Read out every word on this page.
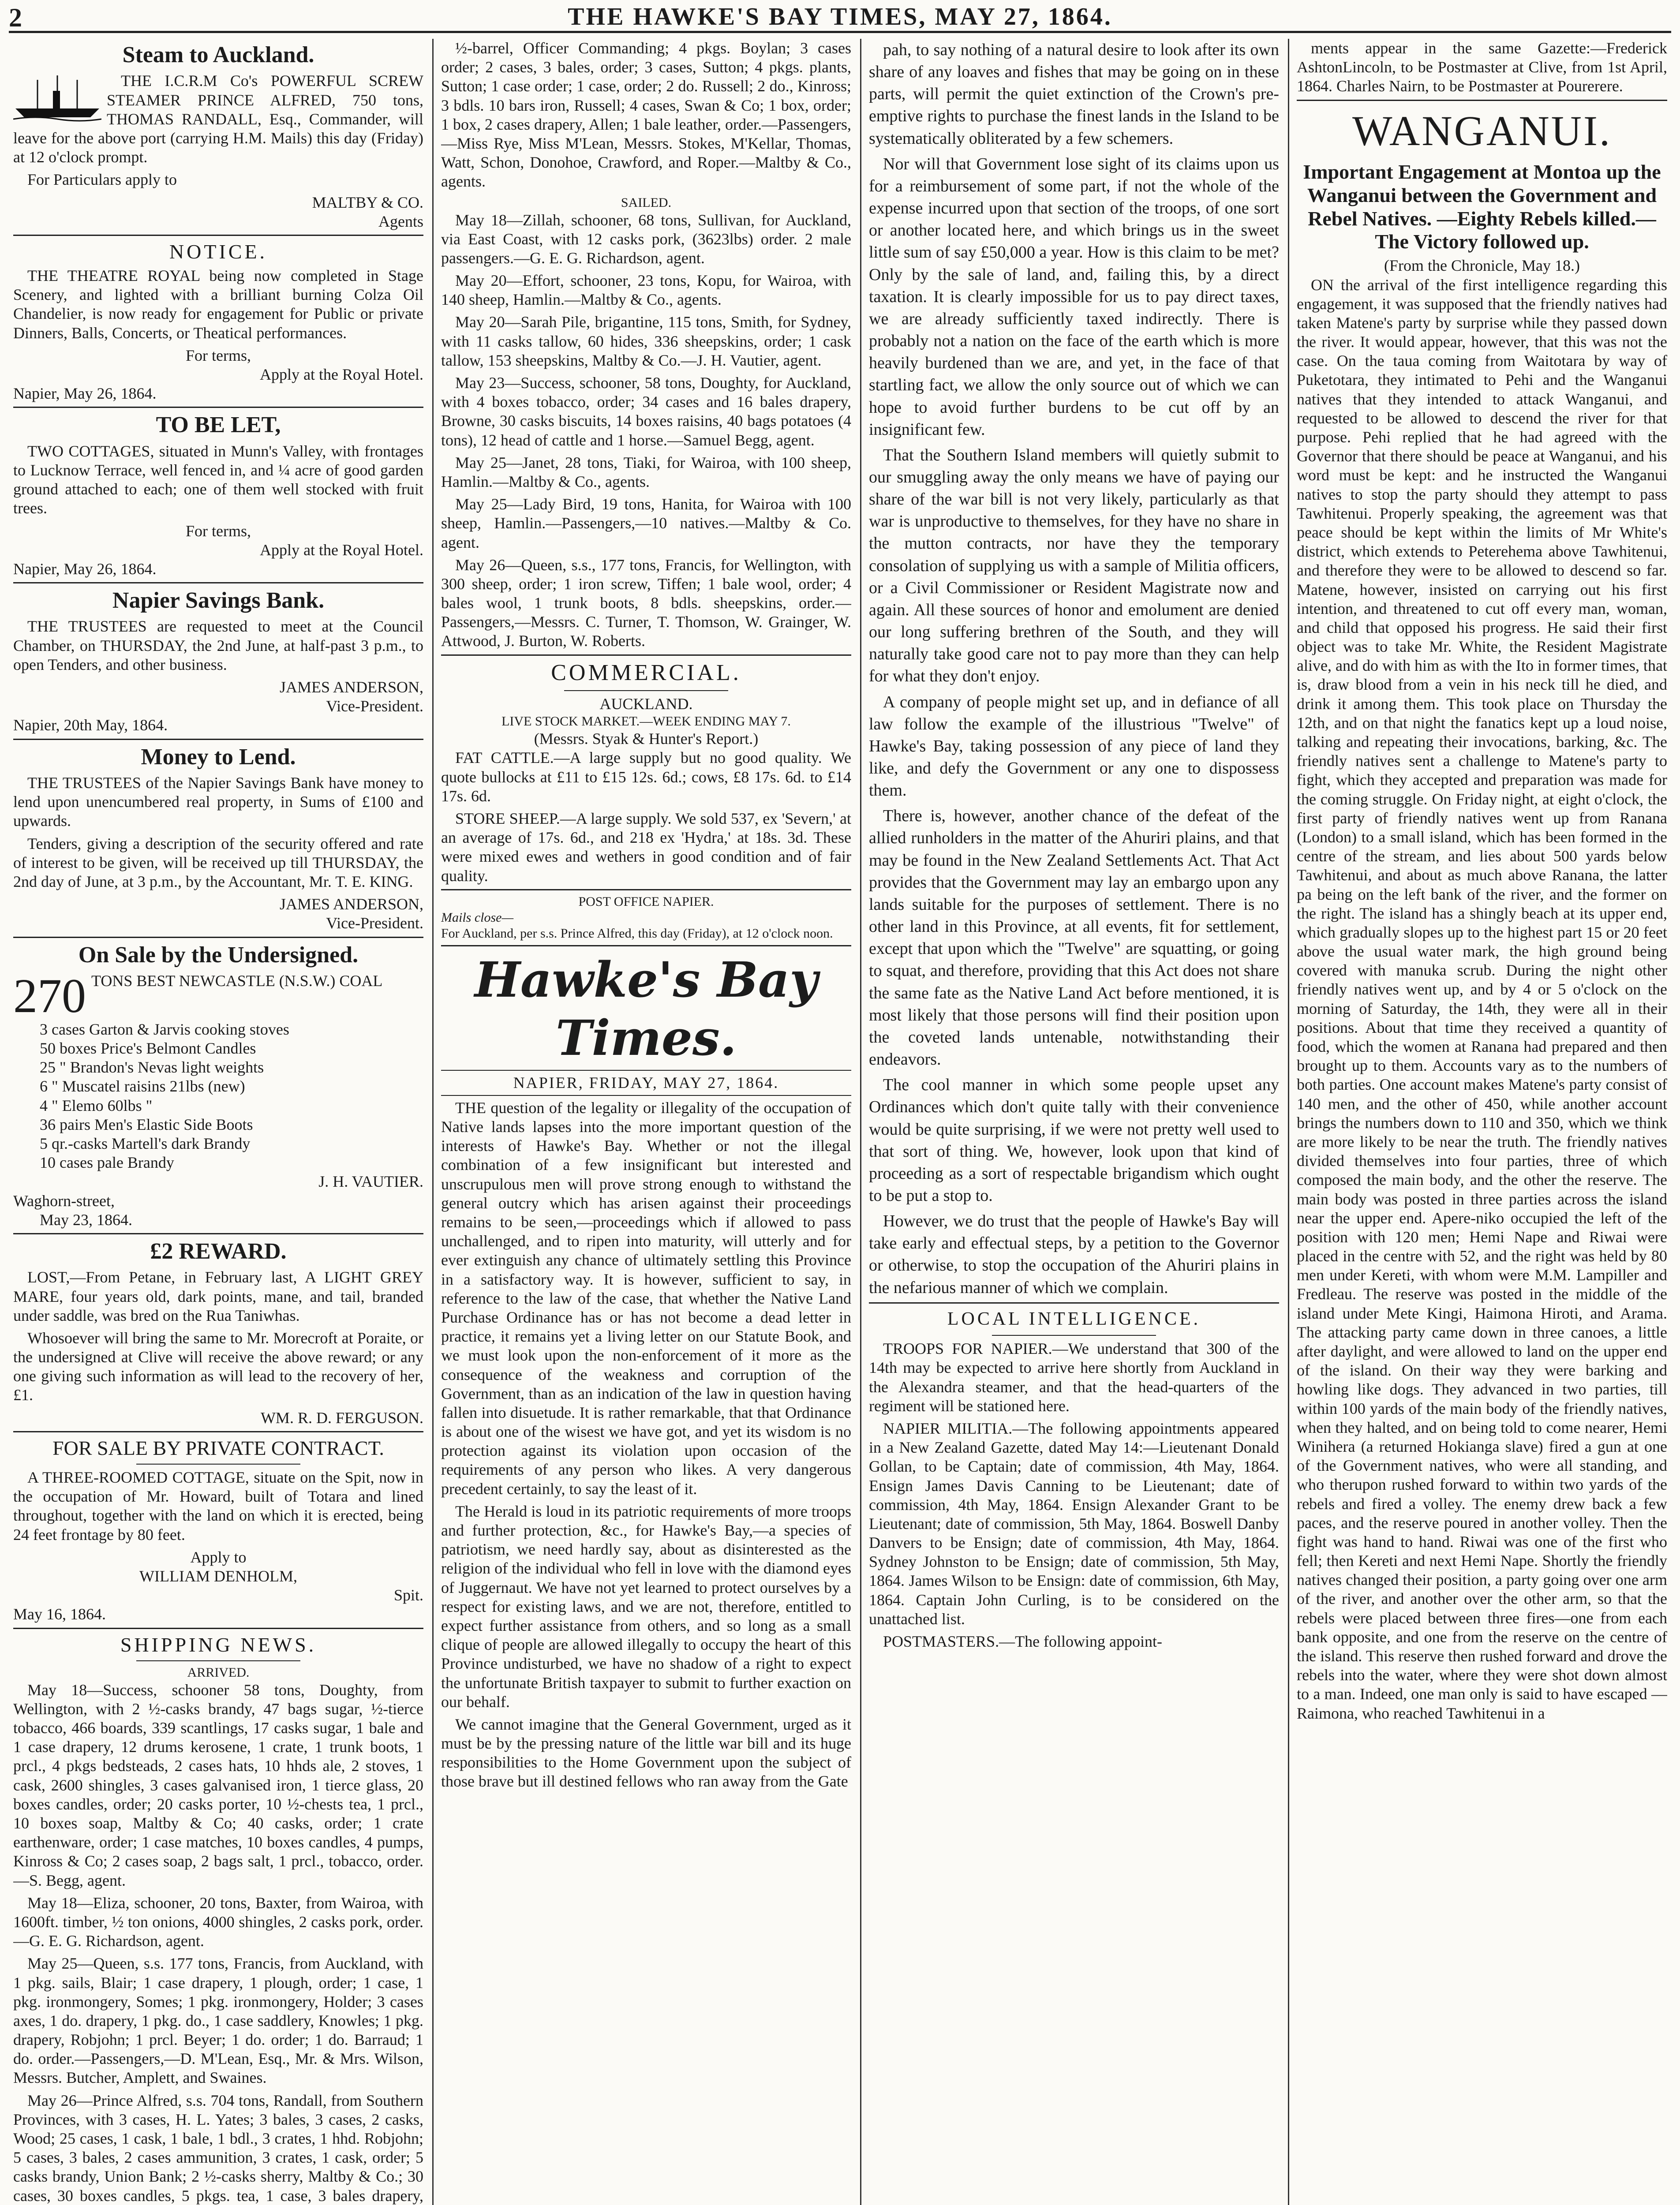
2	THE HAWKE'S BAY TIMES, MAY 27, 1864.
Steam to Auckland.

THE I.C.R.M Co's POWERFUL SCREW STEAMER PRINCE ALFRED, 750 tons, THOMAS RANDALL, Esq., Commander, will leave for the above port (carrying H.M. Mails) this day (Friday) at 12 o'clock prompt.

For Particulars apply to

MALTBY & CO.
Agents
NOTICE.

THE THEATRE ROYAL being now completed in Stage Scenery, and lighted with a brilliant burning Colza Oil Chandelier, is now ready for engagement for Public or private Dinners, Balls, Concerts, or Theatical performances.

For terms,
Apply at the Royal Hotel.
Napier, May 26, 1864.
TO BE LET,

TWO COTTAGES, situated in Munn's Valley, with frontages to Lucknow Terrace, well fenced in, and ¼ acre of good garden ground attached to each; one of them well stocked with fruit trees.

For terms,
Apply at the Royal Hotel.
Napier, May 26, 1864.
Napier Savings Bank.

THE TRUSTEES are requested to meet at the Council Chamber, on THURSDAY, the 2nd June, at half-past 3 p.m., to open Tenders, and other business.

JAMES ANDERSON,
Vice-President.
Napier, 20th May, 1864.
Money to Lend.

THE TRUSTEES of the Napier Savings Bank have money to lend upon unencumbered real property, in Sums of £100 and upwards.

Tenders, giving a description of the security offered and rate of interest to be given, will be received up till THURSDAY, the 2nd day of June, at 3 p.m., by the Accountant, Mr. T. E. KING.

JAMES ANDERSON,
Vice-President.
On Sale by the Undersigned.
270 TONS BEST NEWCASTLE (N.S.W.) COAL
3 cases Garton & Jarvis cooking stoves
50 boxes Price's Belmont Candles
25 " Brandon's Nevas light weights
6 " Muscatel raisins 21lbs (new)
4 " Elemo 60lbs "
36 pairs Men's Elastic Side Boots
5 qr.-casks Martell's dark Brandy
10 cases pale Brandy
J. H. VAUTIER.
Waghorn-street,
May 23, 1864.
£2 REWARD.

LOST,—From Petane, in February last, A LIGHT GREY MARE, four years old, dark points, mane, and tail, branded under saddle, was bred on the Rua Taniwhas.

Whosoever will bring the same to Mr. Morecroft at Poraite, or the undersigned at Clive will receive the above reward; or any one giving such information as will lead to the recovery of her, £1.

WM. R. D. FERGUSON.
FOR SALE BY PRIVATE CONTRACT.

A THREE-ROOMED COTTAGE, situate on the Spit, now in the occupation of Mr. Howard, built of Totara and lined throughout, together with the land on which it is erected, being 24 feet frontage by 80 feet.

Apply to
WILLIAM DENHOLM,
Spit.
May 16, 1864.
SHIPPING NEWS.
ARRIVED.

May 18—Success, schooner 58 tons, Doughty, from Wellington, with 2 ½-casks brandy, 47 bags sugar, ½-tierce tobacco, 466 boards, 339 scantlings, 17 casks sugar, 1 bale and 1 case drapery, 12 drums kerosene, 1 crate, 1 trunk boots, 1 prcl., 4 pkgs bedsteads, 2 cases hats, 10 hhds ale, 2 stoves, 1 cask, 2600 shingles, 3 cases galvanised iron, 1 tierce glass, 20 boxes candles, order; 20 casks porter, 10 ½-chests tea, 1 prcl., 10 boxes soap, Maltby & Co; 40 casks, order; 1 crate earthenware, order; 1 case matches, 10 boxes candles, 4 pumps, Kinross & Co; 2 cases soap, 2 bags salt, 1 prcl., tobacco, order.—S. Begg, agent.

May 18—Eliza, schooner, 20 tons, Baxter, from Wairoa, with 1600ft. timber, ½ ton onions, 4000 shingles, 2 casks pork, order.—G. E. G. Richardson, agent.

May 25—Queen, s.s. 177 tons, Francis, from Auckland, with 1 pkg. sails, Blair; 1 case drapery, 1 plough, order; 1 case, 1 pkg. ironmongery, Somes; 1 pkg. ironmongery, Holder; 3 cases axes, 1 do. drapery, 1 pkg. do., 1 case saddlery, Knowles; 1 pkg. drapery, Robjohn; 1 prcl. Beyer; 1 do. order; 1 do. Barraud; 1 do. order.—Passengers,—D. M'Lean, Esq., Mr. & Mrs. Wilson, Messrs. Butcher, Amplett, and Swaines.

May 26—Prince Alfred, s.s. 704 tons, Randall, from Southern Provinces, with 3 cases, H. L. Yates; 3 bales, 3 cases, 2 casks, Wood; 25 cases, 1 cask, 1 bale, 1 bdl., 3 crates, 1 hhd. Robjohn; 5 cases, 3 bales, 2 cases ammunition, 3 crates, 1 cask, order; 5 casks brandy, Union Bank; 2 ½-casks sherry, Maltby & Co.; 30 cases, 30 boxes candles, 5 pkgs. tea, 1 case, 3 bales drapery,

½-barrel, Officer Commanding; 4 pkgs. Boylan; 3 cases order; 2 cases, 3 bales, order; 3 cases, Sutton; 4 pkgs. plants, Sutton; 1 case order; 1 case, order; 2 do. Russell; 2 do., Kinross; 3 bdls. 10 bars iron, Russell; 4 cases, Swan & Co; 1 box, order; 1 box, 2 cases drapery, Allen; 1 bale leather, order.—Passengers,—Miss Rye, Miss M'Lean, Messrs. Stokes, M'Kellar, Thomas, Watt, Schon, Donohoe, Crawford, and Roper.—Maltby & Co., agents.

SAILED.

May 18—Zillah, schooner, 68 tons, Sullivan, for Auckland, via East Coast, with 12 casks pork, (3623lbs) order. 2 male passengers.—G. E. G. Richardson, agent.

May 20—Effort, schooner, 23 tons, Kopu, for Wairoa, with 140 sheep, Hamlin.—Maltby & Co., agents.

May 20—Sarah Pile, brigantine, 115 tons, Smith, for Sydney, with 11 casks tallow, 60 hides, 336 sheepskins, order; 1 cask tallow, 153 sheepskins, Maltby & Co.—J. H. Vautier, agent.

May 23—Success, schooner, 58 tons, Doughty, for Auckland, with 4 boxes tobacco, order; 34 cases and 16 bales drapery, Browne, 30 casks biscuits, 14 boxes raisins, 40 bags potatoes (4 tons), 12 head of cattle and 1 horse.—Samuel Begg, agent.

May 25—Janet, 28 tons, Tiaki, for Wairoa, with 100 sheep, Hamlin.—Maltby & Co., agents.

May 25—Lady Bird, 19 tons, Hanita, for Wairoa with 100 sheep, Hamlin.—Passengers,—10 natives.—Maltby & Co. agent.

May 26—Queen, s.s., 177 tons, Francis, for Wellington, with 300 sheep, order; 1 iron screw, Tiffen; 1 bale wool, order; 4 bales wool, 1 trunk boots, 8 bdls. sheepskins, order.—Passengers,—Messrs. C. Turner, T. Thomson, W. Grainger, W. Attwood, J. Burton, W. Roberts.

COMMERCIAL.
AUCKLAND.
LIVE STOCK MARKET.—WEEK ENDING MAY 7.
(Messrs. Styak & Hunter's Report.)

FAT CATTLE.—A large supply but no good quality. We quote bullocks at £11 to £15 12s. 6d.; cows, £8 17s. 6d. to £14 17s. 6d.

STORE SHEEP.—A large supply. We sold 537, ex 'Severn,' at an average of 17s. 6d., and 218 ex 'Hydra,' at 18s. 3d. These were mixed ewes and wethers in good condition and of fair quality.

POST OFFICE NAPIER.
Mails close—
For Auckland, per s.s. Prince Alfred, this day (Friday), at 12 o'clock noon.
Hawke's Bay Times.
NAPIER, FRIDAY, MAY 27, 1864.

THE question of the legality or illegality of the occupation of Native lands lapses into the more important question of the interests of Hawke's Bay. Whether or not the illegal combination of a few insignificant but interested and unscrupulous men will prove strong enough to withstand the general outcry which has arisen against their proceedings remains to be seen,—proceedings which if allowed to pass unchallenged, and to ripen into maturity, will utterly and for ever extinguish any chance of ultimately settling this Province in a satisfactory way. It is however, sufficient to say, in reference to the law of the case, that whether the Native Land Purchase Ordinance has or has not become a dead letter in practice, it remains yet a living letter on our Statute Book, and we must look upon the non-enforcement of it more as the consequence of the weakness and corruption of the Government, than as an indication of the law in question having fallen into disuetude. It is rather remarkable, that that Ordinance is about one of the wisest we have got, and yet its wisdom is no protection against its violation upon occasion of the requirements of any person who likes. A very dangerous precedent certainly, to say the least of it.

The Herald is loud in its patriotic requirements of more troops and further protection, &c., for Hawke's Bay,—a species of patriotism, we need hardly say, about as disinterested as the religion of the individual who fell in love with the diamond eyes of Juggernaut. We have not yet learned to protect ourselves by a respect for existing laws, and we are not, therefore, entitled to expect further assistance from others, and so long as a small clique of people are allowed illegally to occupy the heart of this Province undisturbed, we have no shadow of a right to expect the unfortunate British taxpayer to submit to further exaction on our behalf.

We cannot imagine that the General Government, urged as it must be by the pressing nature of the little war bill and its huge responsibilities to the Home Government upon the subject of those brave but ill destined fellows who ran away from the Gate

pah, to say nothing of a natural desire to look after its own share of any loaves and fishes that may be going on in these parts, will permit the quiet extinction of the Crown's pre-emptive rights to purchase the finest lands in the Island to be systematically obliterated by a few schemers.

Nor will that Government lose sight of its claims upon us for a reimbursement of some part, if not the whole of the expense incurred upon that section of the troops, of one sort or another located here, and which brings us in the sweet little sum of say £50,000 a year. How is this claim to be met? Only by the sale of land, and, failing this, by a direct taxation. It is clearly impossible for us to pay direct taxes, we are already sufficiently taxed indirectly. There is probably not a nation on the face of the earth which is more heavily burdened than we are, and yet, in the face of that startling fact, we allow the only source out of which we can hope to avoid further burdens to be cut off by an insignificant few.

That the Southern Island members will quietly submit to our smuggling away the only means we have of paying our share of the war bill is not very likely, particularly as that war is unproductive to themselves, for they have no share in the mutton contracts, nor have they the temporary consolation of supplying us with a sample of Militia officers, or a Civil Commissioner or Resident Magistrate now and again. All these sources of honor and emolument are denied our long suffering brethren of the South, and they will naturally take good care not to pay more than they can help for what they don't enjoy.

A company of people might set up, and in defiance of all law follow the example of the illustrious "Twelve" of Hawke's Bay, taking possession of any piece of land they like, and defy the Government or any one to dispossess them.

There is, however, another chance of the defeat of the allied runholders in the matter of the Ahuriri plains, and that may be found in the New Zealand Settlements Act. That Act provides that the Government may lay an embargo upon any lands suitable for the purposes of settlement. There is no other land in this Province, at all events, fit for settlement, except that upon which the "Twelve" are squatting, or going to squat, and therefore, providing that this Act does not share the same fate as the Native Land Act before mentioned, it is most likely that those persons will find their position upon the coveted lands untenable, notwithstanding their endeavors.

The cool manner in which some people upset any Ordinances which don't quite tally with their convenience would be quite surprising, if we were not pretty well used to that sort of thing. We, however, look upon that kind of proceeding as a sort of respectable brigandism which ought to be put a stop to.

However, we do trust that the people of Hawke's Bay will take early and effectual steps, by a petition to the Governor or otherwise, to stop the occupation of the Ahuriri plains in the nefarious manner of which we complain.

LOCAL INTELLIGENCE.

TROOPS FOR NAPIER.—We understand that 300 of the 14th may be expected to arrive here shortly from Auckland in the Alexandra steamer, and that the head-quarters of the regiment will be stationed here.

NAPIER MILITIA.—The following appointments appeared in a New Zealand Gazette, dated May 14:—Lieutenant Donald Gollan, to be Captain; date of commission, 4th May, 1864. Ensign James Davis Canning to be Lieutenant; date of commission, 4th May, 1864. Ensign Alexander Grant to be Lieutenant; date of commission, 5th May, 1864. Boswell Danby Danvers to be Ensign; date of commission, 4th May, 1864. Sydney Johnston to be Ensign; date of commission, 5th May, 1864. James Wilson to be Ensign: date of commission, 6th May, 1864. Captain John Curling, is to be considered on the unattached list.

POSTMASTERS.—The following appoint-

ments appear in the same Gazette:—Frederick AshtonLincoln, to be Postmaster at Clive, from 1st April, 1864. Charles Nairn, to be Postmaster at Pourerere.

WANGANUI.
Important Engagement at Montoa up the Wanganui between the Government and Rebel Natives. —Eighty Rebels killed.—The Victory followed up.
(From the Chronicle, May 18.)

ON the arrival of the first intelligence regarding this engagement, it was supposed that the friendly natives had taken Matene's party by surprise while they passed down the river. It would appear, however, that this was not the case. On the taua coming from Waitotara by way of Puketotara, they intimated to Pehi and the Wanganui natives that they intended to attack Wanganui, and requested to be allowed to descend the river for that purpose. Pehi replied that he had agreed with the Governor that there should be peace at Wanganui, and his word must be kept: and he instructed the Wanganui natives to stop the party should they attempt to pass Tawhitenui. Properly speaking, the agreement was that peace should be kept within the limits of Mr White's district, which extends to Peterehema above Tawhitenui, and therefore they were to be allowed to descend so far. Matene, however, insisted on carrying out his first intention, and threatened to cut off every man, woman, and child that opposed his progress. He said their first object was to take Mr. White, the Resident Magistrate alive, and do with him as with the Ito in former times, that is, draw blood from a vein in his neck till he died, and drink it among them. This took place on Thursday the 12th, and on that night the fanatics kept up a loud noise, talking and repeating their invocations, barking, &c. The friendly natives sent a challenge to Matene's party to fight, which they accepted and preparation was made for the coming struggle. On Friday night, at eight o'clock, the first party of friendly natives went up from Ranana (London) to a small island, which has been formed in the centre of the stream, and lies about 500 yards below Tawhitenui, and about as much above Ranana, the latter pa being on the left bank of the river, and the former on the right. The island has a shingly beach at its upper end, which gradually slopes up to the highest part 15 or 20 feet above the usual water mark, the high ground being covered with manuka scrub. During the night other friendly natives went up, and by 4 or 5 o'clock on the morning of Saturday, the 14th, they were all in their positions. About that time they received a quantity of food, which the women at Ranana had prepared and then brought up to them. Accounts vary as to the numbers of both parties. One account makes Matene's party consist of 140 men, and the other of 450, while another account brings the numbers down to 110 and 350, which we think are more likely to be near the truth. The friendly natives divided themselves into four parties, three of which composed the main body, and the other the reserve. The main body was posted in three parties across the island near the upper end. Apere-niko occupied the left of the position with 120 men; Hemi Nape and Riwai were placed in the centre with 52, and the right was held by 80 men under Kereti, with whom were M.M. Lampiller and Fredleau. The reserve was posted in the middle of the island under Mete Kingi, Haimona Hiroti, and Arama. The attacking party came down in three canoes, a little after daylight, and were allowed to land on the upper end of the island. On their way they were barking and howling like dogs. They advanced in two parties, till within 100 yards of the main body of the friendly natives, when they halted, and on being told to come nearer, Hemi Winihera (a returned Hokianga slave) fired a gun at one of the Government natives, who were all standing, and who therupon rushed forward to within two yards of the rebels and fired a volley. The enemy drew back a few paces, and the reserve poured in another volley. Then the fight was hand to hand. Riwai was one of the first who fell; then Kereti and next Hemi Nape. Shortly the friendly natives changed their position, a party going over one arm of the river, and another over the other arm, so that the rebels were placed between three fires—one from each bank opposite, and one from the reserve on the centre of the island. This reserve then rushed forward and drove the rebels into the water, where they were shot down almost to a man. Indeed, one man only is said to have escaped —Raimona, who reached Tawhitenui in a
